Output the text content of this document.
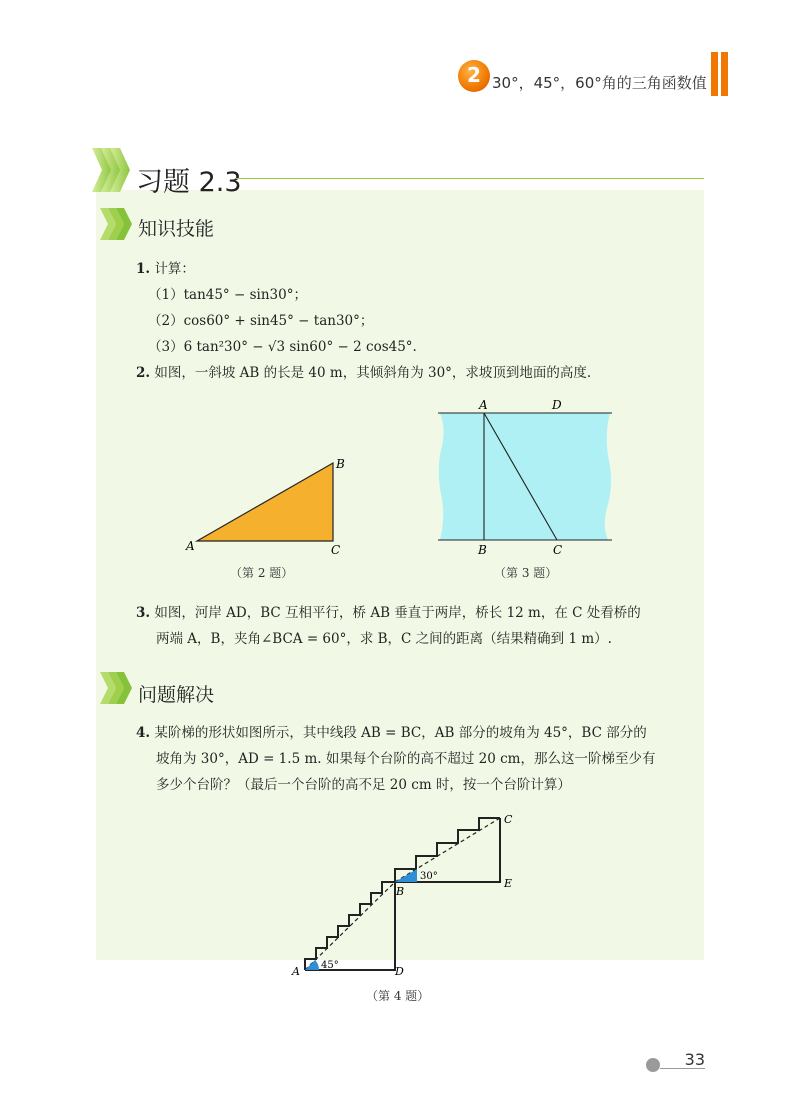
2 30°，45°，60°角的三角函数值
习题 2.3
知识技能
1. 计算：
（1）tan45° − sin30°；
（2）cos60° + sin45° − tan30°；
（3）6 tan²30° − √3 sin60° − 2 cos45°.
2. 如图，一斜坡 AB 的长是 40 m，其倾斜角为 30°，求坡顶到地面的高度.
A
B
C
（第 2 题）
A	D
B	C
（第 3 题）
3. 如图，河岸 AD，BC 互相平行，桥 AB 垂直于两岸，桥长 12 m，在 C 处看桥的
两端 A，B，夹角∠BCA = 60°，求 B，C 之间的距离（结果精确到 1 m）.
问题解决
4. 某阶梯的形状如图所示，其中线段 AB = BC，AB 部分的坡角为 45°，BC 部分的
坡角为 30°，AD = 1.5 m. 如果每个台阶的高不超过 20 cm，那么这一阶梯至少有
多少个台阶？（最后一个台阶的高不足 20 cm 时，按一个台阶计算）
A 45°
B
30°
C
E
D
（第 4 题）
33
